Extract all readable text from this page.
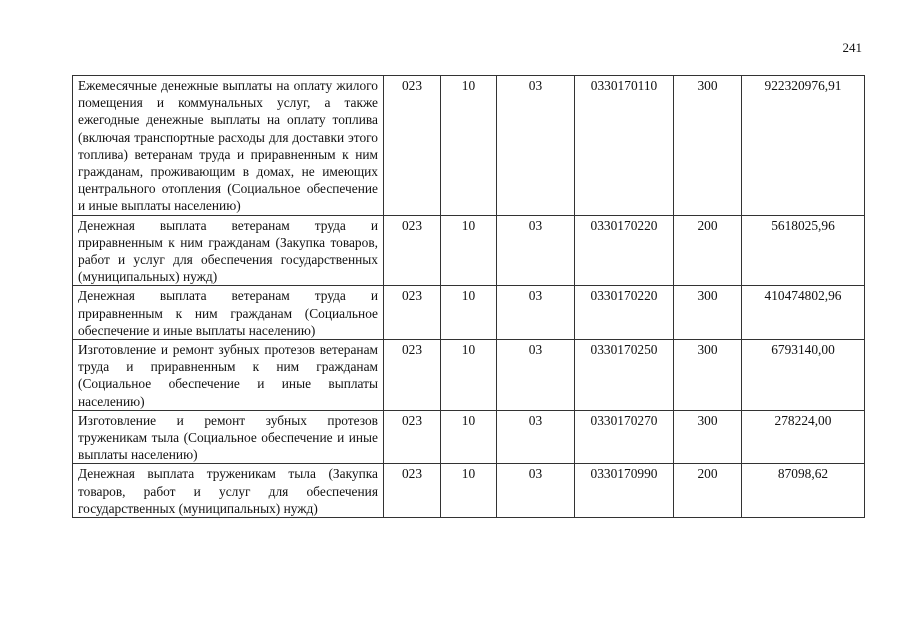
241
Ежемесячные денежные выплаты на оплату жилого помещения и коммунальных услуг, а также ежегодные денежные выплаты на оплату топлива (включая транспортные расходы для доставки этого топлива) ветеранам труда и приравненным к ним гражданам, проживающим в домах, не имеющих центрального отопления (Социальное обеспечение и иные выплаты населению)	023	10	03	0330170110	300	922320976,91
Денежная выплата ветеранам труда и приравненным к ним гражданам (Закупка товаров, работ и услуг для обеспечения государственных (муниципальных) нужд)	023	10	03	0330170220	200	5618025,96
Денежная выплата ветеранам труда и приравненным к ним гражданам (Социальное обеспечение и иные выплаты населению)	023	10	03	0330170220	300	410474802,96
Изготовление и ремонт зубных протезов ветеранам труда и приравненным к ним гражданам (Социальное обеспечение и иные выплаты населению)	023	10	03	0330170250	300	6793140,00
Изготовление и ремонт зубных протезов труженикам тыла (Социальное обеспечение и иные выплаты населению)	023	10	03	0330170270	300	278224,00
Денежная выплата труженикам тыла (Закупка товаров, работ и услуг для обеспечения государственных (муниципальных) нужд)	023	10	03	0330170990	200	87098,62
